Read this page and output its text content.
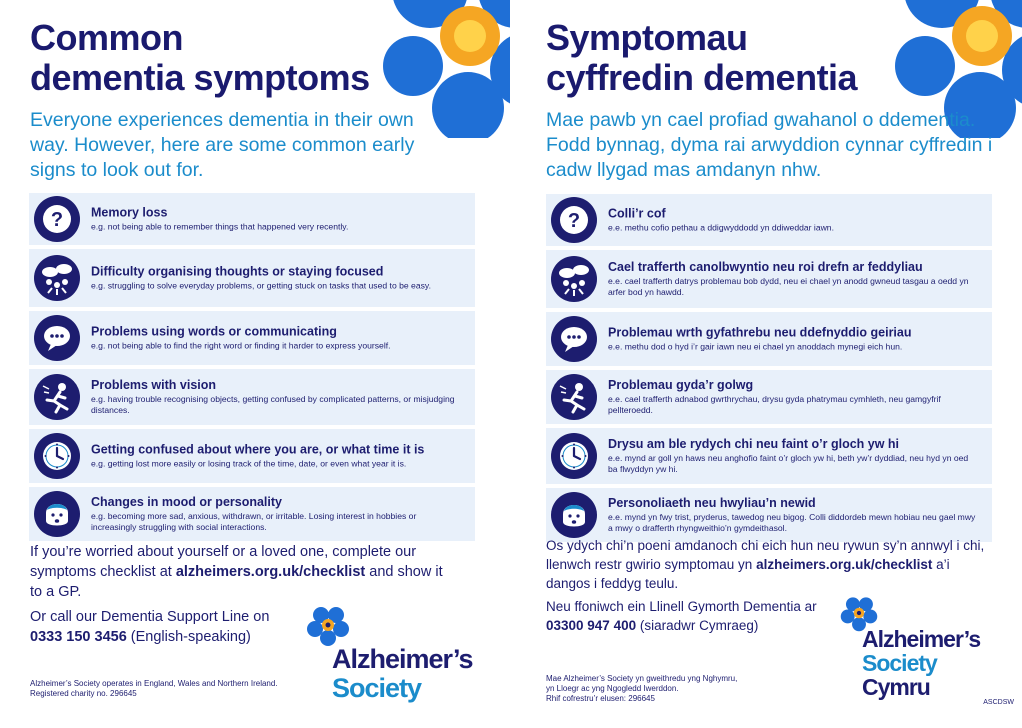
Common
dementia symptoms

Everyone experiences dementia in their own way. However, here are some common early signs to look out for.

? Memory loss
e.g. not being able to remember things that happened very recently.
Difficulty organising thoughts or staying focused
e.g. struggling to solve everyday problems, or getting stuck on tasks that used to be easy.
Problems using words or communicating
e.g. not being able to find the right word or finding it harder to express yourself.
Problems with vision
e.g. having trouble recognising objects, getting confused by complicated patterns, or misjudging distances.
Getting confused about where you are, or what time it is
e.g. getting lost more easily or losing track of the time, date, or even what year it is.
Changes in mood or personality
e.g. becoming more sad, anxious, withdrawn, or irritable. Losing interest in hobbies or increasingly struggling with social interactions.

If you’re worried about yourself or a loved one, complete our symptoms checklist at alzheimers.org.uk/checklist and show it to a GP.

Or call our Dementia Support Line on 0333 150 3456 (English-speaking)

Alzheimer’s Society operates in England, Wales and Northern Ireland.
Registered charity no. 296645

Alzheimer’s
Society
Symptomau
cyffredin dementia

Mae pawb yn cael profiad gwahanol o ddementia. Fodd bynnag, dyma rai arwyddion cynnar cyffredin i cadw llygad mas amdanyn nhw.

? Colli’r cof
e.e. methu cofio pethau a ddigwyddodd yn ddiweddar iawn.
Cael trafferth canolbwyntio neu roi drefn ar feddyliau
e.e. cael trafferth datrys problemau bob dydd, neu ei chael yn anodd gwneud tasgau a oedd yn arfer bod yn hawdd.
Problemau wrth gyfathrebu neu ddefnyddio geiriau
e.e. methu dod o hyd i’r gair iawn neu ei chael yn anoddach mynegi eich hun.
Problemau gyda’r golwg
e.e. cael trafferth adnabod gwrthrychau, drysu gyda phatrymau cymhleth, neu gamgyfrif pellteroedd.
Drysu am ble rydych chi neu faint o’r gloch yw hi
e.e. mynd ar goll yn haws neu anghofio faint o’r gloch yw hi, beth yw’r dyddiad, neu hyd yn oed ba flwyddyn yw hi.
Personoliaeth neu hwyliau’n newid
e.e. mynd yn fwy trist, pryderus, tawedog neu bigog. Colli diddordeb mewn hobiau neu gael mwy a mwy o drafferth rhyngweithio’n gymdeithasol.

Os ydych chi’n poeni amdanoch chi eich hun neu rywun sy’n annwyl i chi, llenwch restr gwirio symptomau yn alzheimers.org.uk/checklist a’i dangos i feddyg teulu.

Neu ffoniwch ein Llinell Gymorth Dementia ar 03300 947 400 (siaradwr Cymraeg)

Mae Alzheimer’s Society yn gweithredu yng Nghymru,
yn Lloegr ac yng Ngogledd Iwerddon.
Rhif cofrestru’r elusen: 296645

Alzheimer’s
Society
Cymru
ASCDSW
